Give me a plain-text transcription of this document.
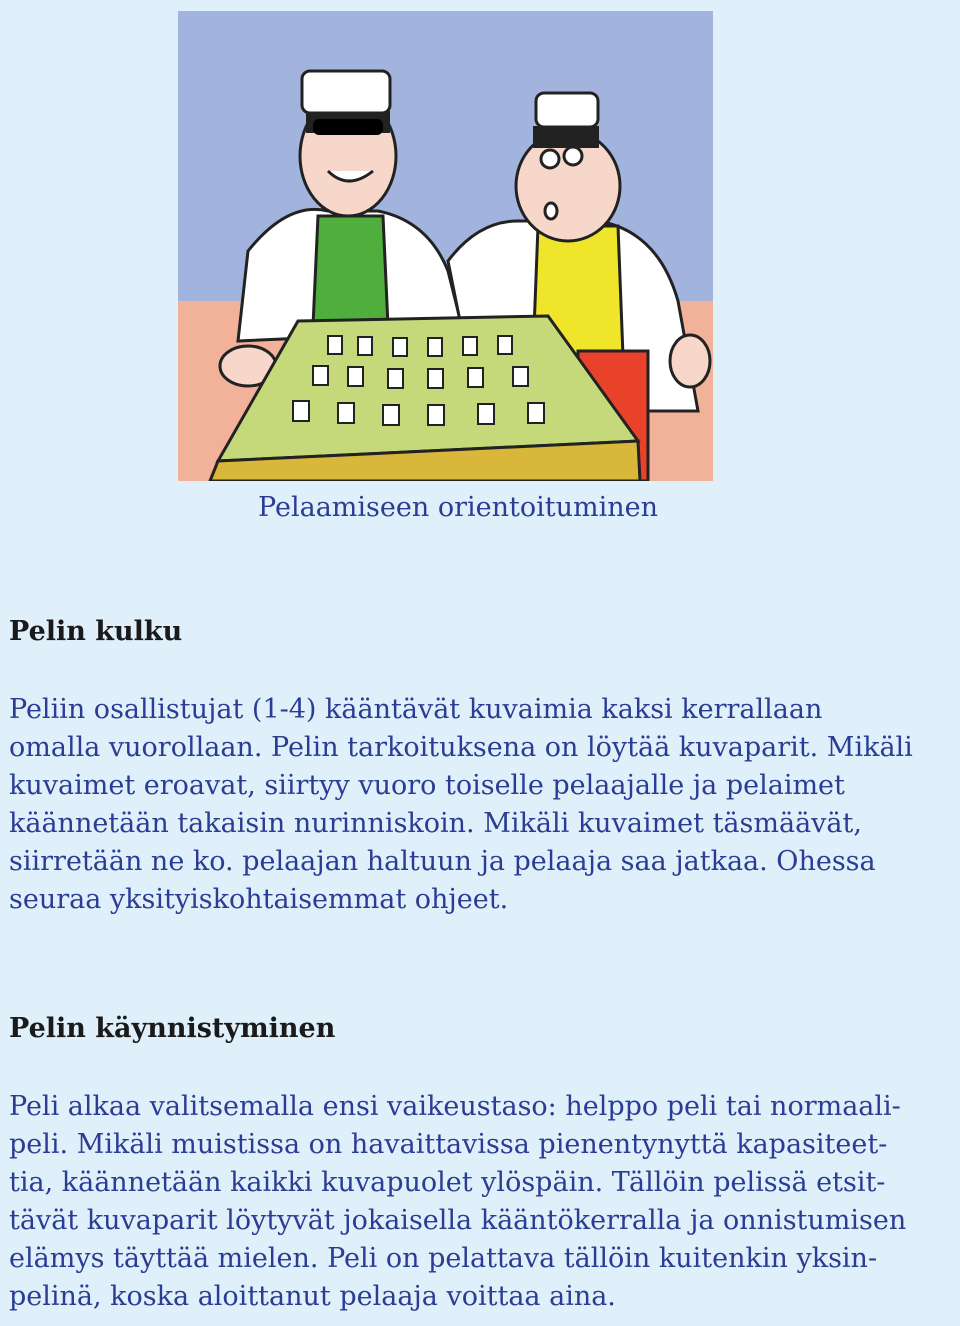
Pelaamiseen orientoituminen
Pelin kulku

Peliin osallistujat (1-4) kääntävät kuvaimia kaksi kerrallaan
omalla vuorollaan. Pelin tarkoituksena on löytää kuvaparit. Mikäli
kuvaimet eroavat, siirtyy vuoro toiselle pelaajalle ja pelaimet
käännetään takaisin nurinniskoin. Mikäli kuvaimet täsmäävät,
siirretään ne ko. pelaajan haltuun ja pelaaja saa jatkaa. Ohessa
seuraa yksityiskohtaisemmat ohjeet.

Pelin käynnistyminen

Peli alkaa valitsemalla ensi vaikeustaso: helppo peli tai normaali-
peli. Mikäli muistissa on havaittavissa pienentynyttä kapasiteet-
tia, käännetään kaikki kuvapuolet ylöspäin. Tällöin pelissä etsit-
tävät kuvaparit löytyvät jokaisella kääntökerralla ja onnistumisen
elämys täyttää mielen. Peli on pelattava tällöin kuitenkin yksin-
pelinä, koska aloittanut pelaaja voittaa aina.
